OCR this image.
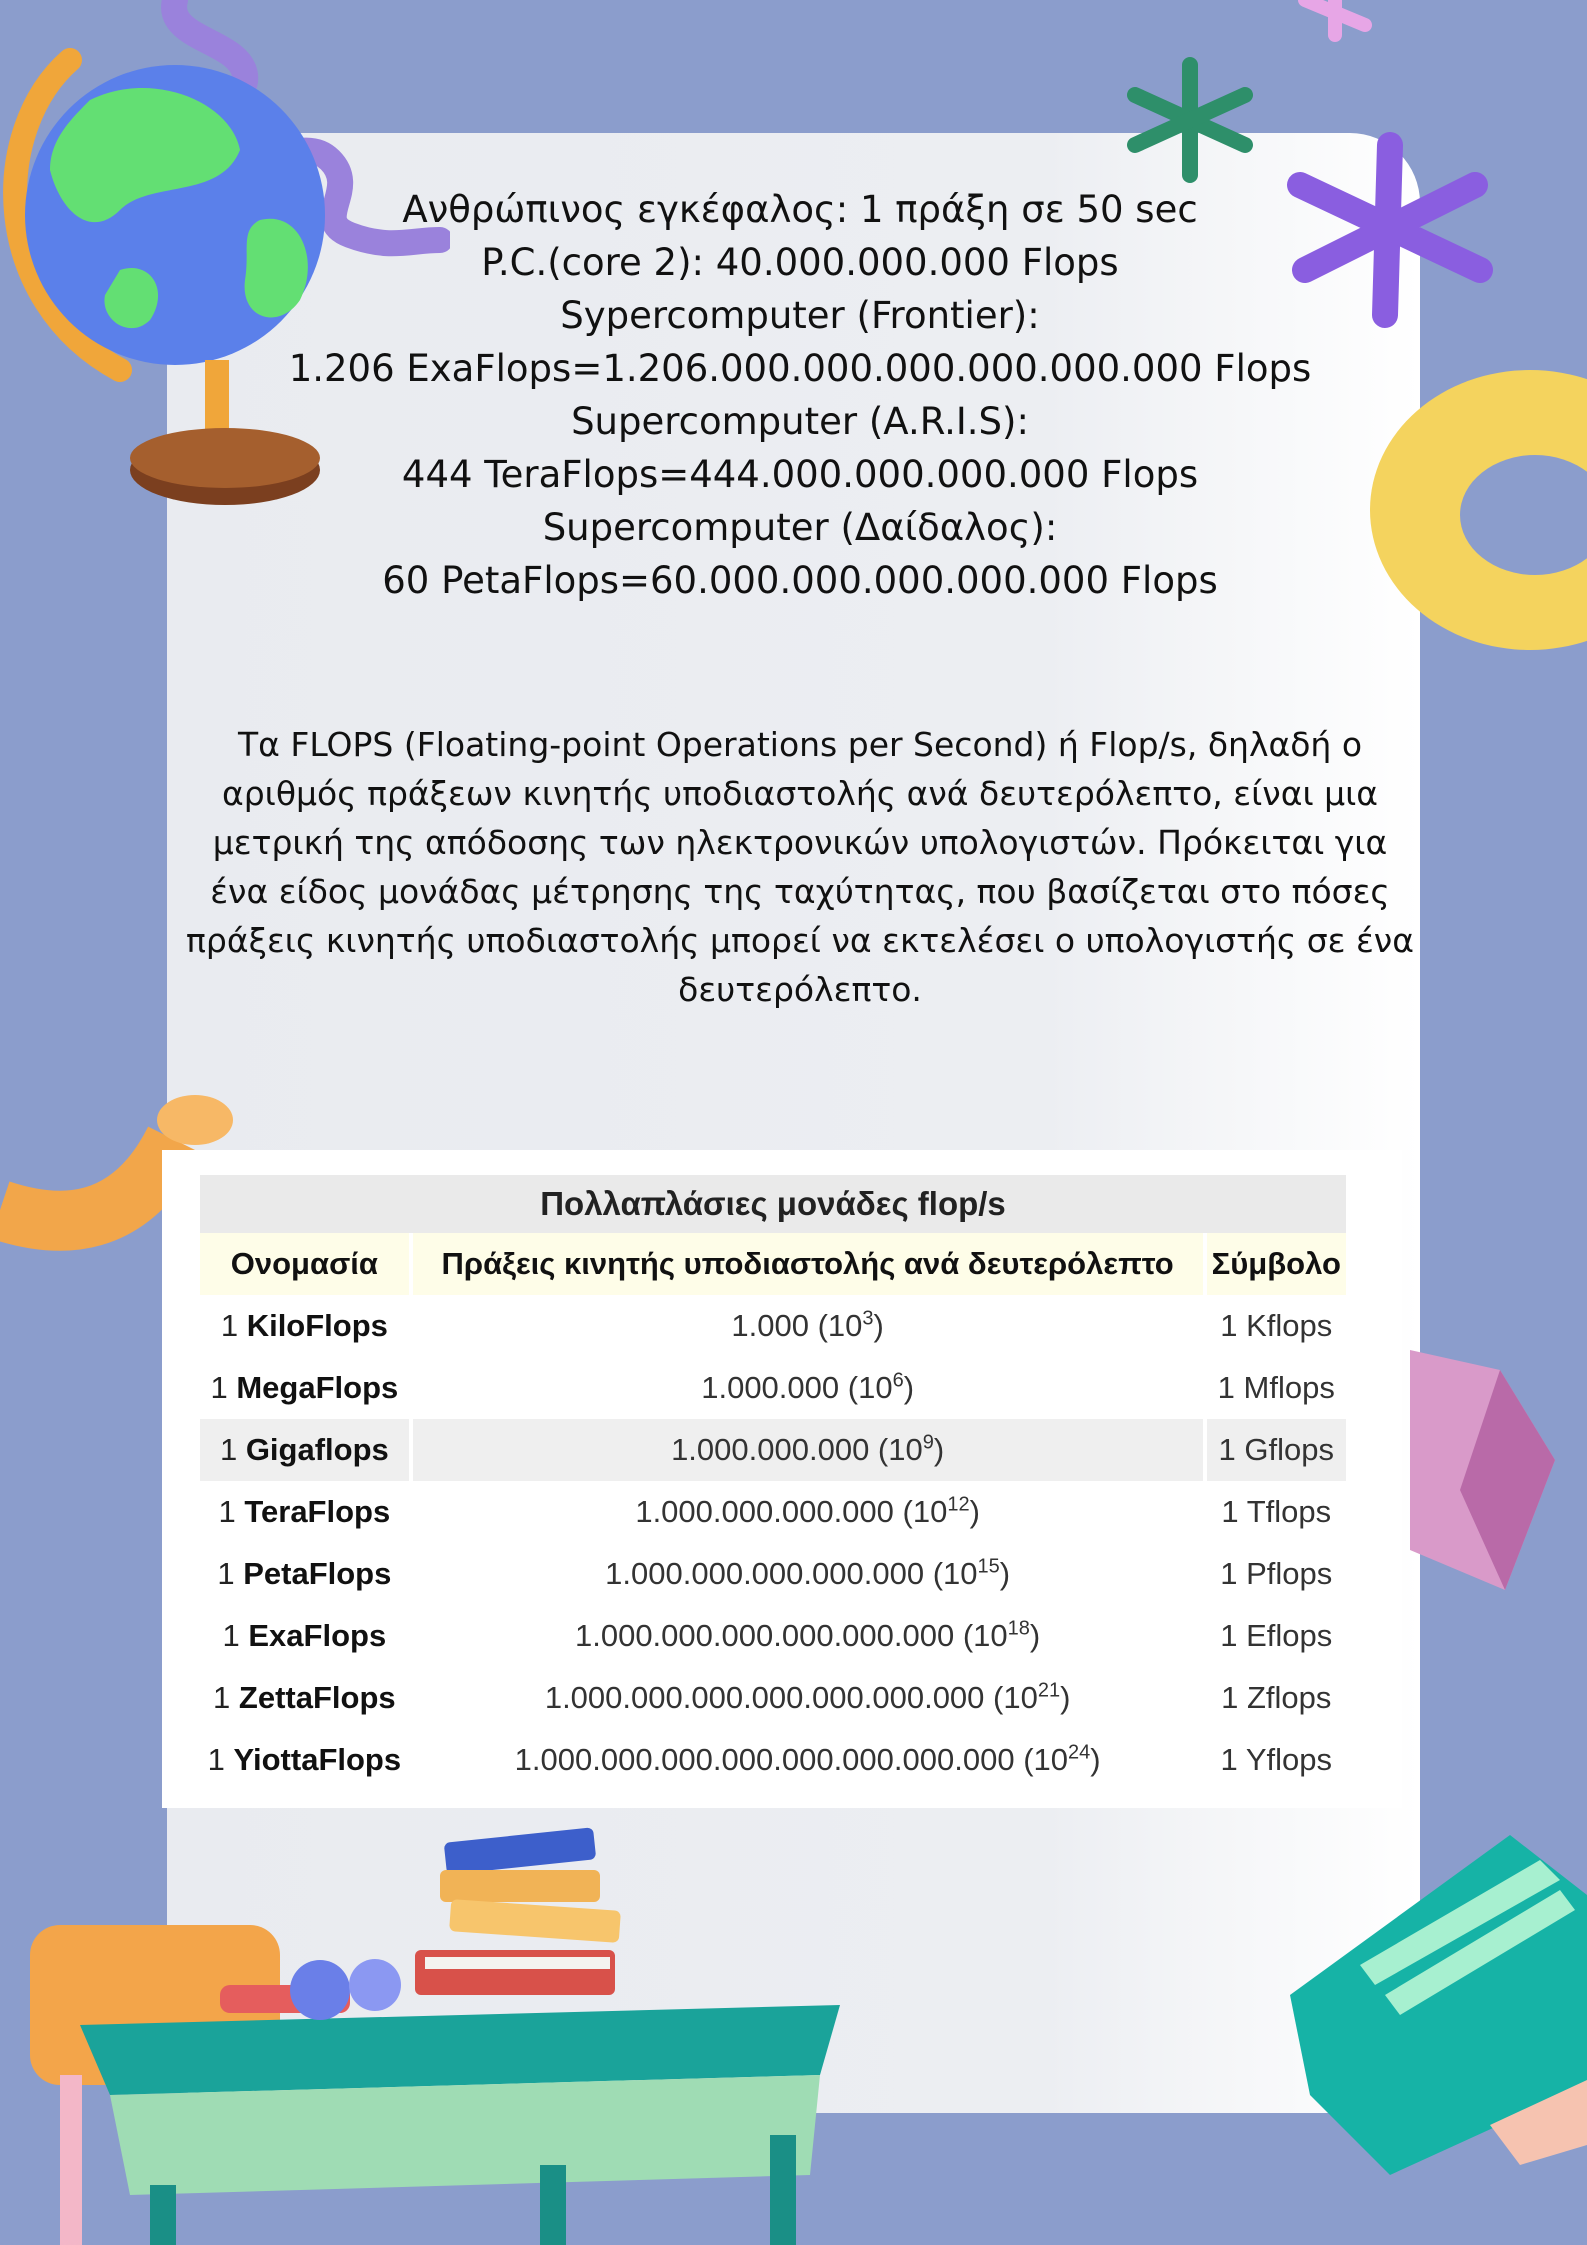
Ανθρώπινος εγκέφαλος: 1 πράξη σε 50 sec
P.C.(core 2): 40.000.000.000 Flops
Sypercomputer (Frontier):
1.206 ExaFlops=1.206.000.000.000.000.000.000 Flops
Supercomputer (A.R.I.S):
444 TeraFlops=444.000.000.000.000 Flops
Supercomputer (Δαίδαλος):
60 PetaFlops=60.000.000.000.000.000 Flops
Τα FLOPS (Floating-point Operations per Second) ή Flop/s, δηλαδή ο αριθμός πράξεων κινητής υποδιαστολής ανά δευτερόλεπτο, είναι μια μετρική της απόδοσης των ηλεκτρονικών υπολογιστών. Πρόκειται για ένα είδος μονάδας μέτρησης της ταχύτητας, που βασίζεται στο πόσες πράξεις κινητής υποδιαστολής μπορεί να εκτελέσει ο υπολογιστής σε ένα δευτερόλεπτο.
Πολλαπλάσιες μονάδες flop/s		
Ονομασία	Πράξεις κινητής υποδιαστολής ανά δευτερόλεπτο	Σύμβολο
1 KiloFlops	1.000 $(10^3)$	1 Kflops
1 MegaFlops	1.000.000 $(10^6)$	1 Mflops
1 Gigaflops	1.000.000.000 $(10^9)$	1 Gflops
1 TeraFlops	1.000.000.000.000 $(10^{12})$	1 Tflops
1 PetaFlops	1.000.000.000.000.000 $(10^{15})$	1 Pflops
1 ExaFlops	1.000.000.000.000.000.000 $(10^{18})$	1 Eflops
1 ZettaFlops	1.000.000.000.000.000.000.000 $(10^{21})$	1 Zflops
1 YiottaFlops	1.000.000.000.000.000.000.000.000 $(10^{24})$	1 Yflops
